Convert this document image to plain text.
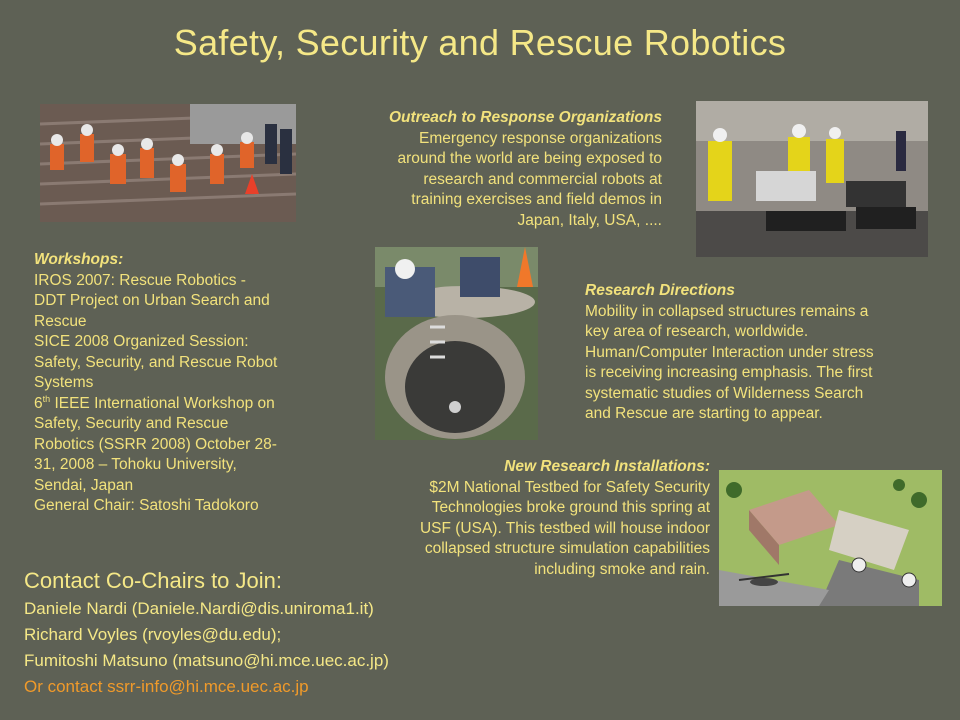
Safety, Security and Rescue Robotics
Outreach to Response Organizations
Emergency response organizations
around the world are being exposed to
research and commercial robots at
training exercises and field demos in
Japan, Italy, USA, ....
Workshops:
IROS 2007: Rescue Robotics -
DDT Project on Urban Search and
Rescue
SICE 2008 Organized Session:
Safety, Security, and Rescue Robot
Systems
6th IEEE International Workshop on
Safety, Security and Rescue
Robotics (SSRR 2008) October 28-
31, 2008 – Tohoku University,
Sendai, Japan
General Chair: Satoshi Tadokoro
Research Directions
Mobility in collapsed structures remains a
key area of research, worldwide.
Human/Computer Interaction under stress
is receiving increasing emphasis. The first
systematic studies of Wilderness Search
and Rescue are starting to appear.
New Research Installations:
$2M National Testbed for Safety Security
Technologies broke ground this spring at
USF (USA). This testbed will house indoor
collapsed structure simulation capabilities
including smoke and rain.
Contact Co-Chairs to Join:
Daniele Nardi (Daniele.Nardi@dis.uniroma1.it)
Richard Voyles (rvoyles@du.edu);
Fumitoshi Matsuno (matsuno@hi.mce.uec.ac.jp)
Or contact ssrr-info@hi.mce.uec.ac.jp
